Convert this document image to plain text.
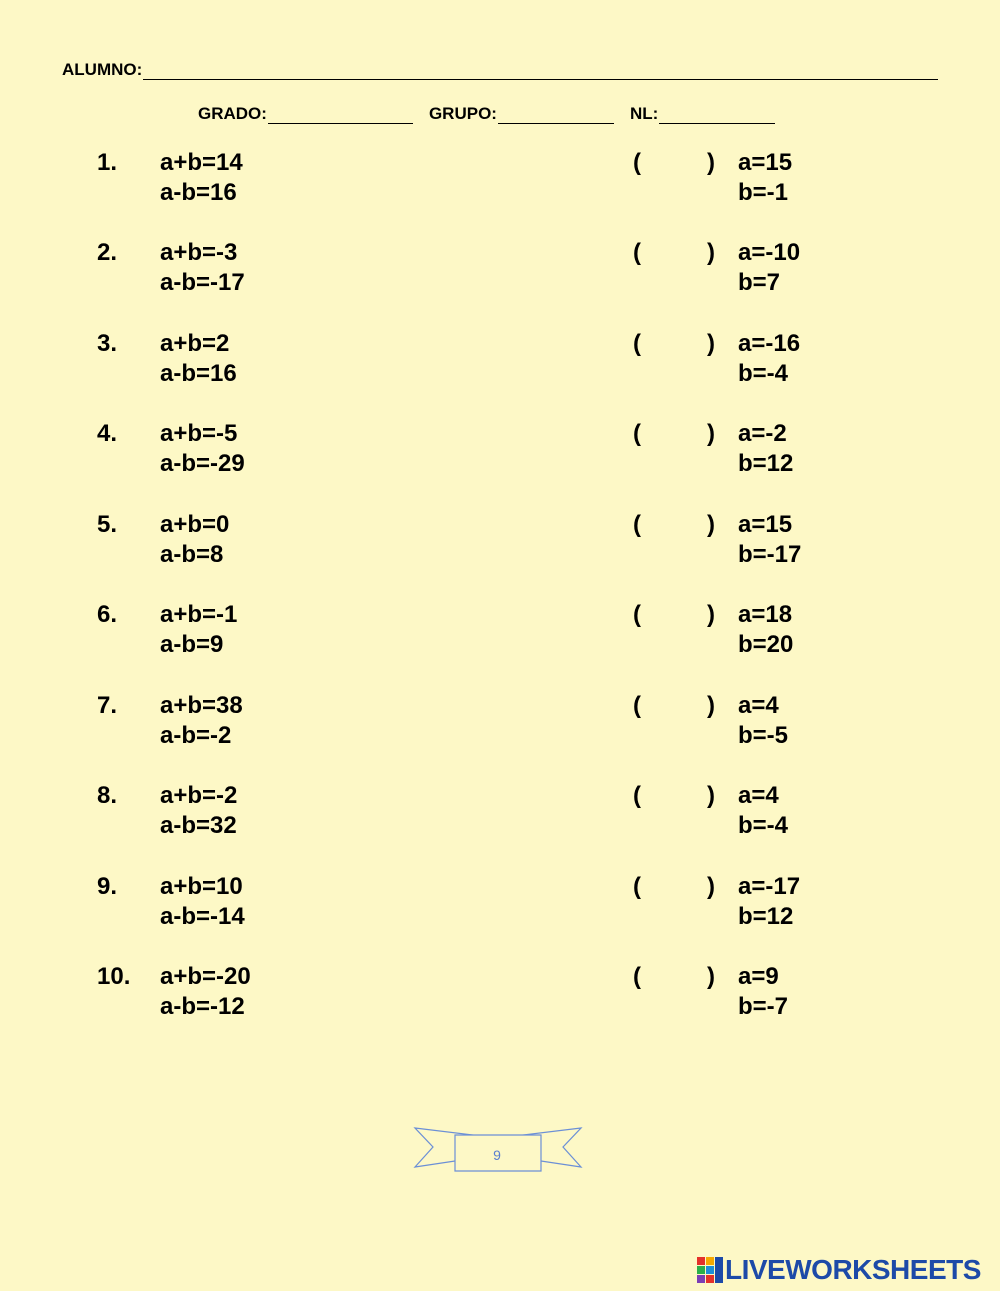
ALUMNO:
GRADO:	GRUPO:	NL:
1. a+b=14
a-b=16
(	) a=15
b=-1
2. a+b=-3
a-b=-17
(	) a=-10
b=7
3. a+b=2
a-b=16
(	) a=-16
b=-4
4. a+b=-5
a-b=-29
(	) a=-2
b=12
5. a+b=0
a-b=8
(	) a=15
b=-17
6. a+b=-1
a-b=9
(	) a=18
b=20
7. a+b=38
a-b=-2
(	) a=4
b=-5
8. a+b=-2
a-b=32
(	) a=4
b=-4
9. a+b=10
a-b=-14
(	) a=-17
b=12
10. a+b=-20
a-b=-12
(	) a=9
b=-7
9
LIVEWORKSHEETS
